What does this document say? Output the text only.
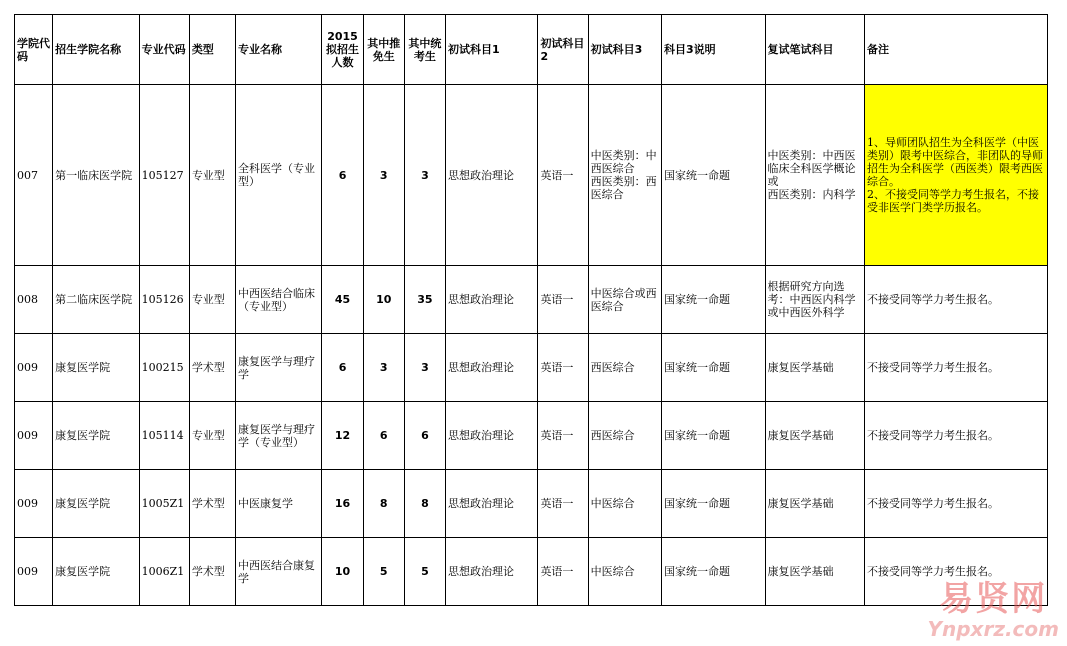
学院代码	招生学院名称	专业代码	类型	专业名称	2015拟招生人数	其中推免生	其中统考生	初试科目1	初试科目2	初试科目3	科目3说明	复试笔试科目	备注
007	第一临床医学院	105127	专业型	全科医学（专业型）	6	3	3	思想政治理论	英语一	中医类别：中西医综合
西医类别：西医综合	国家统一命题	中医类别：中西医临床全科医学概论
或
西医类别：内科学	1、导师团队招生为全科医学（中医类别）限考中医综合，非团队的导师招生为全科医学（西医类）限考西医综合。
2、不接受同等学力考生报名，不接受非医学门类学历报名。
008	第二临床医学院	105126	专业型	中西医结合临床（专业型）	45	10	35	思想政治理论	英语一	中医综合或西医综合	国家统一命题	根据研究方向选考：中西医内科学或中西医外科学	不接受同等学力考生报名。
009	康复医学院	100215	学术型	康复医学与理疗学	6	3	3	思想政治理论	英语一	西医综合	国家统一命题	康复医学基础	不接受同等学力考生报名。
009	康复医学院	105114	专业型	康复医学与理疗学（专业型）	12	6	6	思想政治理论	英语一	西医综合	国家统一命题	康复医学基础	不接受同等学力考生报名。
009	康复医学院	1005Z1	学术型	中医康复学	16	8	8	思想政治理论	英语一	中医综合	国家统一命题	康复医学基础	不接受同等学力考生报名。
009	康复医学院	1006Z1	学术型	中西医结合康复学	10	5	5	思想政治理论	英语一	中医综合	国家统一命题	康复医学基础	不接受同等学力考生报名。
易贤网
Ynpxrz.com
